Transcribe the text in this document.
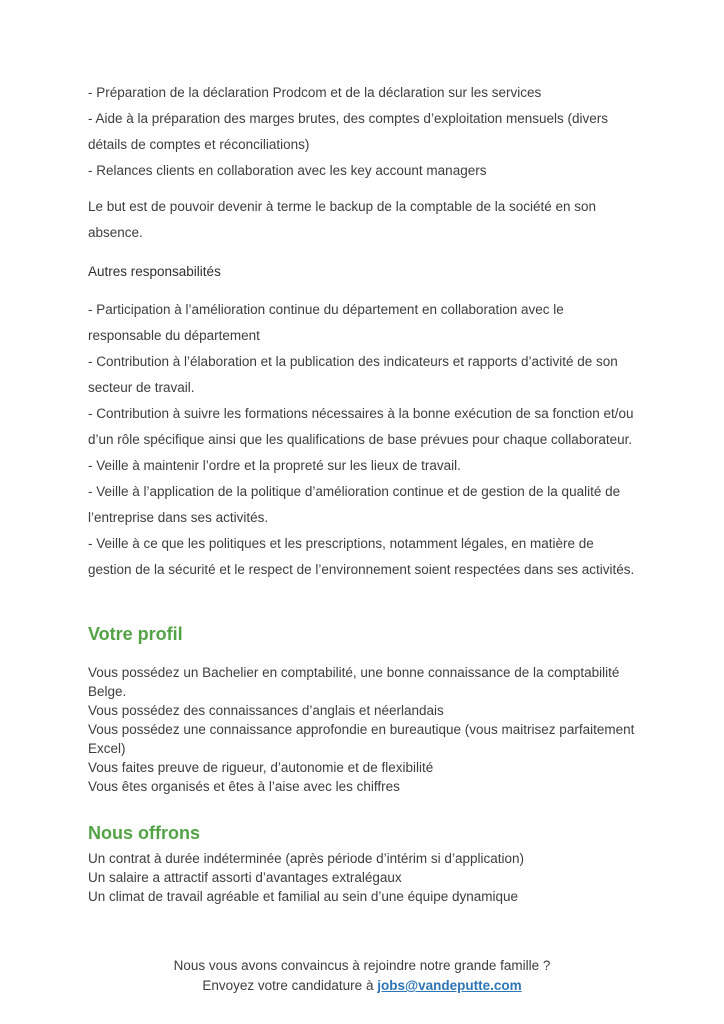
- Préparation de la déclaration Prodcom et de la déclaration sur les services

- Aide à la préparation des marges brutes, des comptes d’exploitation mensuels (divers détails de comptes et réconciliations)

- Relances clients en collaboration avec les key account managers

Le but est de pouvoir devenir à terme le backup de la comptable de la société en son absence.

Autres responsabilités

- Participation à l’amélioration continue du département en collaboration avec le responsable du département

- Contribution à l’élaboration et la publication des indicateurs et rapports d’activité de son secteur de travail.

- Contribution à suivre les formations nécessaires à la bonne exécution de sa fonction et/ou d’un rôle spécifique ainsi que les qualifications de base prévues pour chaque collaborateur.

- Veille à maintenir l’ordre et la propreté sur les lieux de travail.

- Veille à l’application de la politique d’amélioration continue et de gestion de la qualité de l’entreprise dans ses activités.

- Veille à ce que les politiques et les prescriptions, notamment légales, en matière de gestion de la sécurité et le respect de l’environnement soient respectées dans ses activités.

Votre profil

Vous possédez un Bachelier en comptabilité, une bonne connaissance de la comptabilité Belge.

Vous possédez des connaissances d’anglais et néerlandais

Vous possédez une connaissance approfondie en bureautique (vous maitrisez parfaitement Excel)

Vous faites preuve de rigueur, d’autonomie et de flexibilité

Vous êtes organisés et êtes à l’aise avec les chiffres

Nous offrons

Un contrat à durée indéterminée (après période d’intérim si d’application)

Un salaire a attractif assorti d’avantages extralégaux

Un climat de travail agréable et familial au sein d’une équipe dynamique

Nous vous avons convaincus à rejoindre notre grande famille ?

Envoyez votre candidature à jobs@vandeputte.com
